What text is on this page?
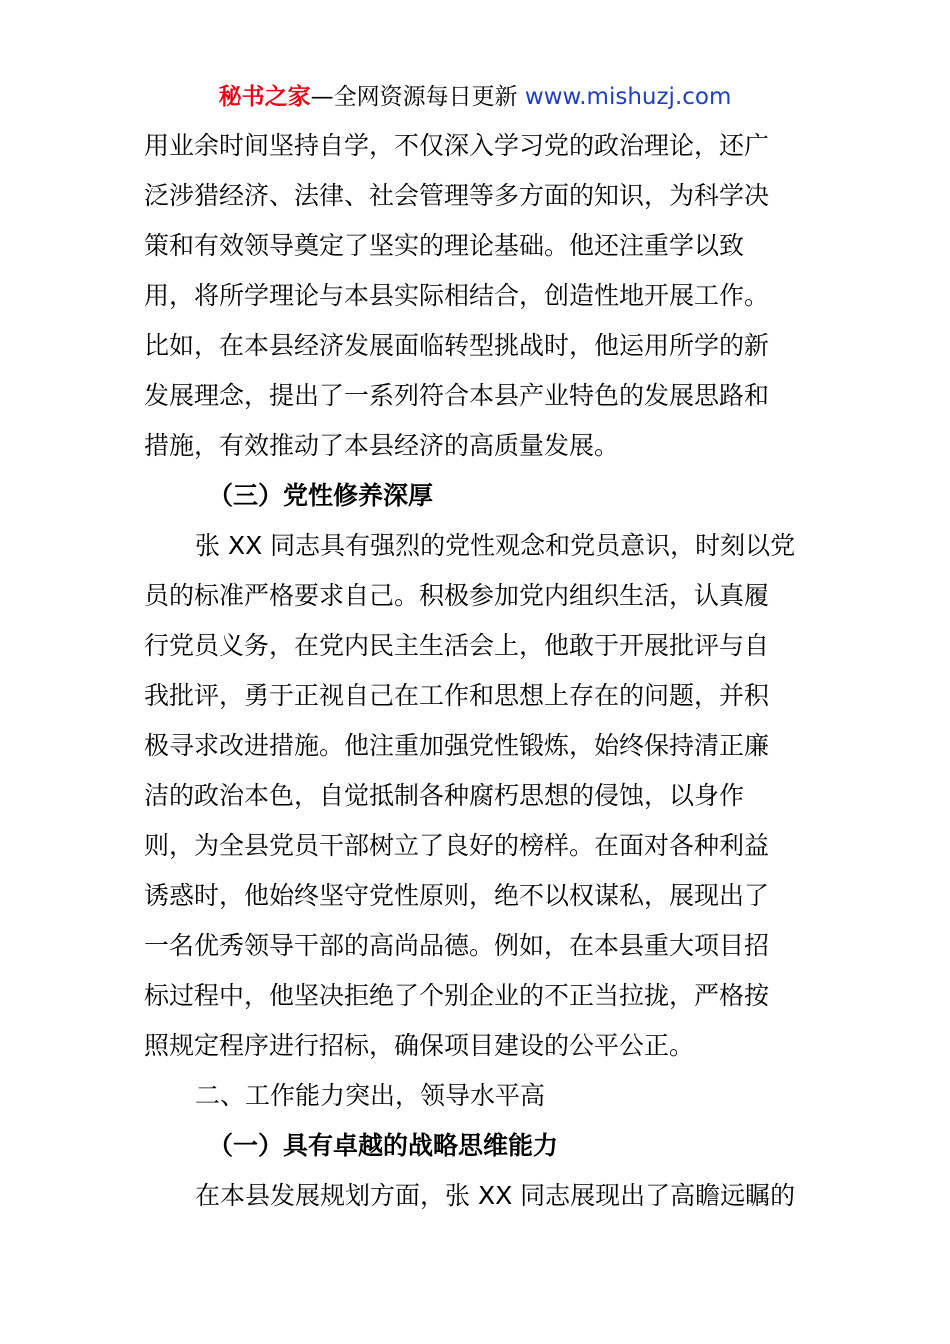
秘书之家—全网资源每日更新 www.mishuzj.com
用业余时间坚持自学，不仅深入学习党的政治理论，还广
泛涉猎经济、法律、社会管理等多方面的知识，为科学决
策和有效领导奠定了坚实的理论基础。他还注重学以致
用，将所学理论与本县实际相结合，创造性地开展工作。
比如，在本县经济发展面临转型挑战时，他运用所学的新
发展理念，提出了一系列符合本县产业特色的发展思路和
措施，有效推动了本县经济的高质量发展。
（三）党性修养深厚
张 XX 同志具有强烈的党性观念和党员意识，时刻以党
员的标准严格要求自己。积极参加党内组织生活，认真履
行党员义务，在党内民主生活会上，他敢于开展批评与自
我批评，勇于正视自己在工作和思想上存在的问题，并积
极寻求改进措施。他注重加强党性锻炼，始终保持清正廉
洁的政治本色，自觉抵制各种腐朽思想的侵蚀，以身作
则，为全县党员干部树立了良好的榜样。在面对各种利益
诱惑时，他始终坚守党性原则，绝不以权谋私，展现出了
一名优秀领导干部的高尚品德。例如，在本县重大项目招
标过程中，他坚决拒绝了个别企业的不正当拉拢，严格按
照规定程序进行招标，确保项目建设的公平公正。
二、工作能力突出，领导水平高
（一）具有卓越的战略思维能力
在本县发展规划方面，张 XX 同志展现出了高瞻远瞩的
